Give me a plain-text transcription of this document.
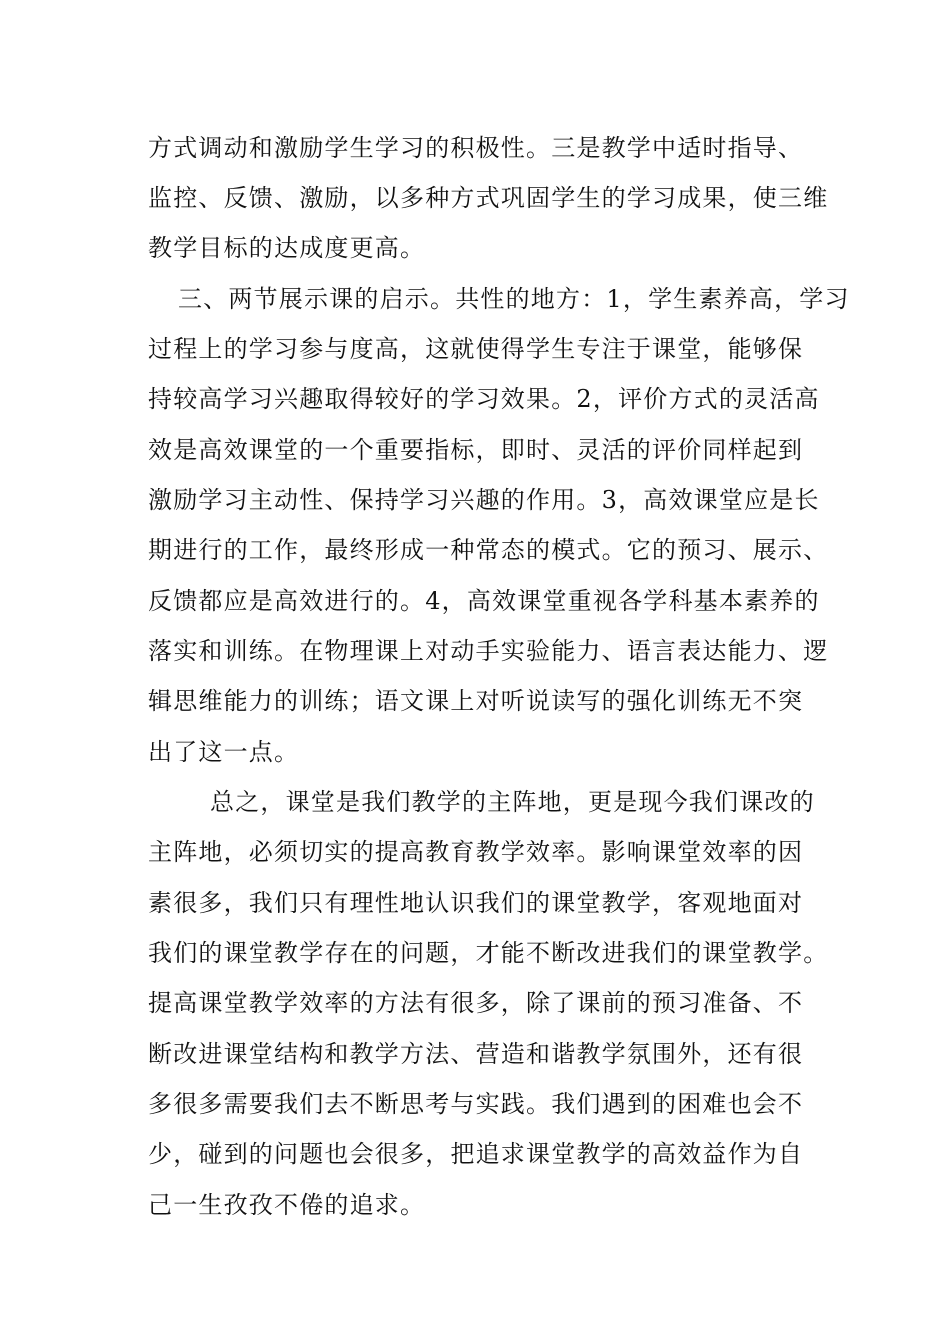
方式调动和激励学生学习的积极性。三是教学中适时指导、
监控、反馈、激励，以多种方式巩固学生的学习成果，使三维
教学目标的达成度更高。
三、两节展示课的启示。共性的地方：1，学生素养高，学习
过程上的学习参与度高，这就使得学生专注于课堂，能够保
持较高学习兴趣取得较好的学习效果。2，评价方式的灵活高
效是高效课堂的一个重要指标，即时、灵活的评价同样起到
激励学习主动性、保持学习兴趣的作用。3，高效课堂应是长
期进行的工作，最终形成一种常态的模式。它的预习、展示、
反馈都应是高效进行的。4，高效课堂重视各学科基本素养的
落实和训练。在物理课上对动手实验能力、语言表达能力、逻
辑思维能力的训练；语文课上对听说读写的强化训练无不突
出了这一点。
总之，课堂是我们教学的主阵地，更是现今我们课改的
主阵地，必须切实的提高教育教学效率。影响课堂效率的因
素很多，我们只有理性地认识我们的课堂教学，客观地面对
我们的课堂教学存在的问题，才能不断改进我们的课堂教学。
提高课堂教学效率的方法有很多，除了课前的预习准备、不
断改进课堂结构和教学方法、营造和谐教学氛围外，还有很
多很多需要我们去不断思考与实践。我们遇到的困难也会不
少，碰到的问题也会很多，把追求课堂教学的高效益作为自
己一生孜孜不倦的追求。
